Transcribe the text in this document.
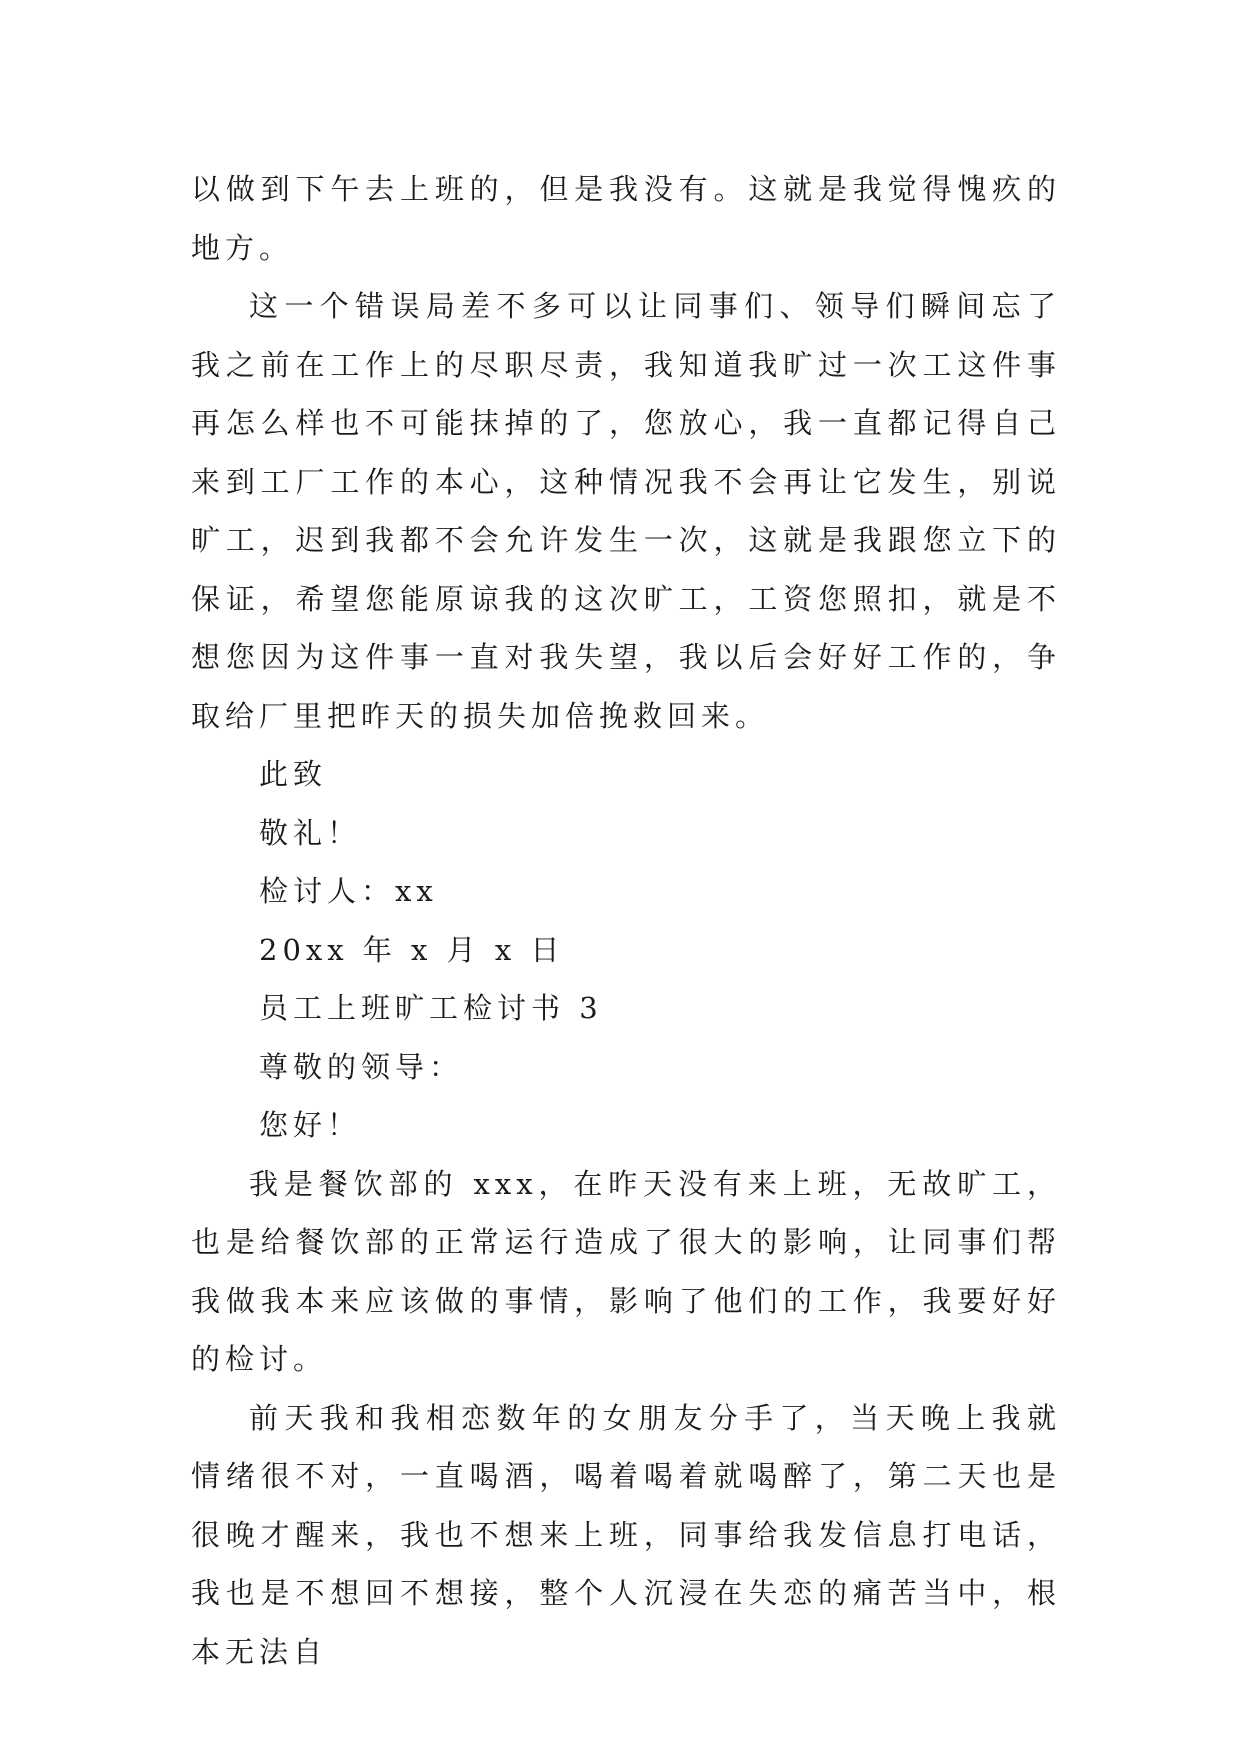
以做到下午去上班的，但是我没有。这就是我觉得愧疚的地方。

这一个错误局差不多可以让同事们、领导们瞬间忘了我之前在工作上的尽职尽责，我知道我旷过一次工这件事再怎么样也不可能抹掉的了，您放心，我一直都记得自己来到工厂工作的本心，这种情况我不会再让它发生，别说旷工，迟到我都不会允许发生一次，这就是我跟您立下的保证，希望您能原谅我的这次旷工，工资您照扣，就是不想您因为这件事一直对我失望，我以后会好好工作的，争取给厂里把昨天的损失加倍挽救回来。

此致

敬礼！

检讨人：xx

20xx 年 x 月 x 日

员工上班旷工检讨书 3

尊敬的领导：

您好！

我是餐饮部的 xxx，在昨天没有来上班，无故旷工，也是给餐饮部的正常运行造成了很大的影响，让同事们帮我做我本来应该做的事情，影响了他们的工作，我要好好的检讨。

前天我和我相恋数年的女朋友分手了，当天晚上我就情绪很不对，一直喝酒，喝着喝着就喝醉了，第二天也是很晚才醒来，我也不想来上班，同事给我发信息打电话，我也是不想回不想接，整个人沉浸在失恋的痛苦当中，根本无法自
